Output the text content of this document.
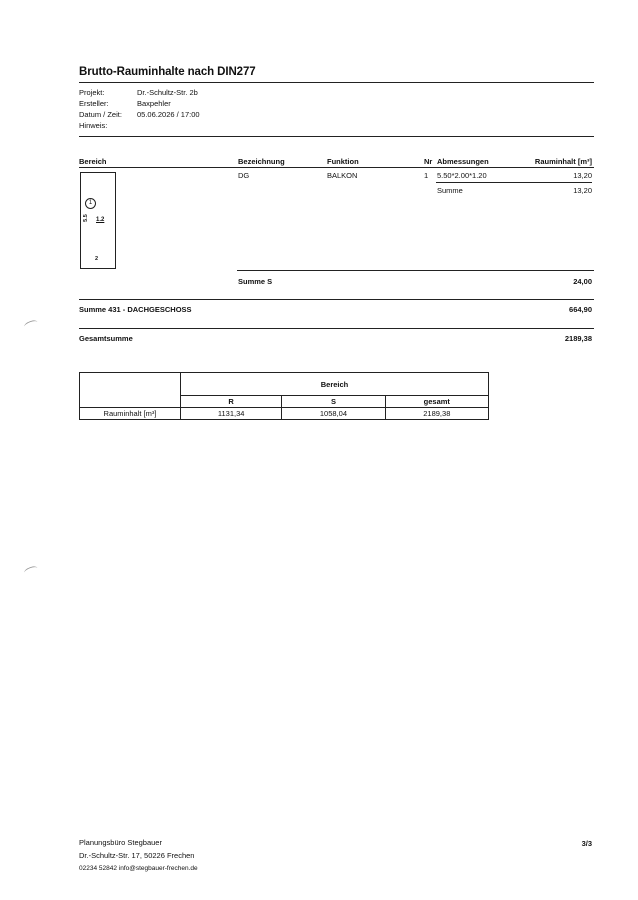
Brutto-Rauminhalte nach DIN277
Projekt:	Dr.-Schultz-Str. 2b
Ersteller:	Baxpehler
Datum / Zeit: 05.06.2026 / 17:00
Hinweis:
Bereich	Bezeichnung	Funktion	Nr Abmessungen	Rauminhalt [m³]
1
5.5 1.2
2
DG	BALKON	1 5.50*2.00*1.20	13,20
Summe	13,20
Summe S	24,00
Summe 431 - DACHGESCHOSS	664,90
Gesamtsumme	2189,38
	Bereich		
	R	S	gesamt
Rauminhalt [m³]	1131,34	1058,04	2189,38
Planungsbüro Stegbauer
Dr.-Schultz-Str. 17, 50226 Frechen
02234 52842 info@stegbauer-frechen.de
3/3
